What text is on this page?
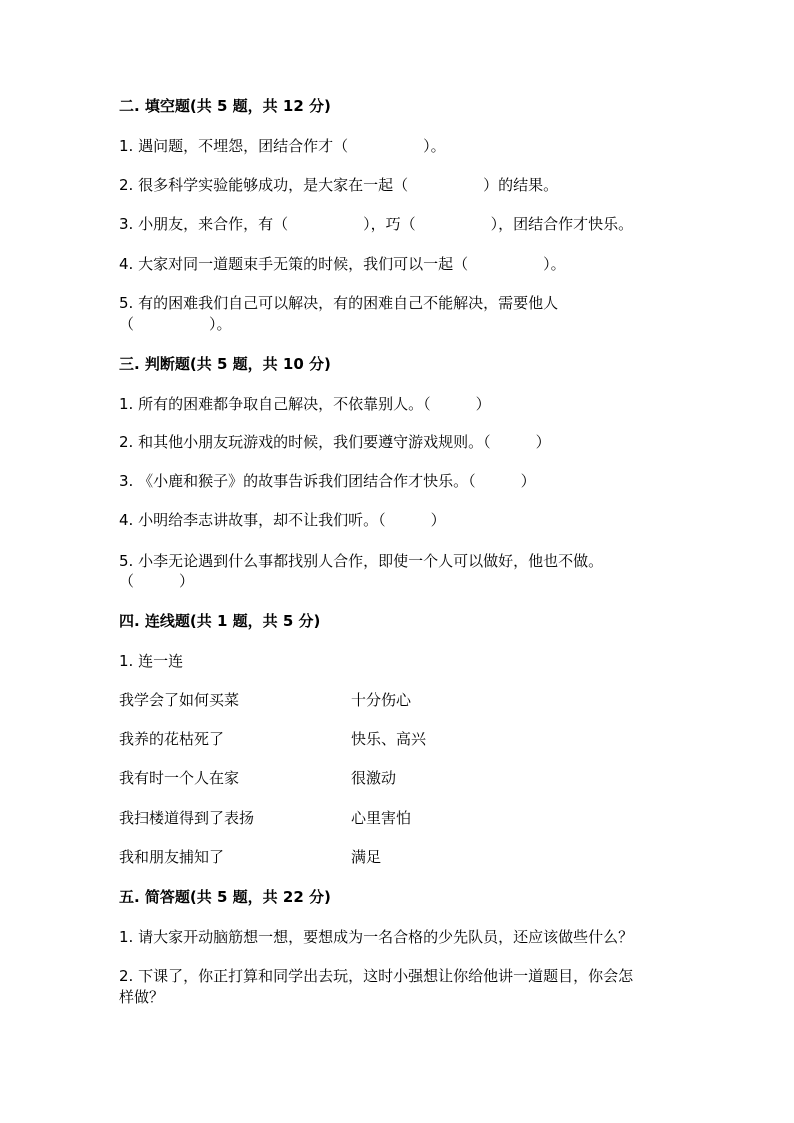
二. 填空题(共 5 题，共 12 分)
1. 遇问题，不埋怨，团结合作才（　　　　　）。
2. 很多科学实验能够成功，是大家在一起（　　　　　）的结果。
3. 小朋友，来合作，有（　　　　　），巧（　　　　　），团结合作才快乐。
4. 大家对同一道题束手无策的时候，我们可以一起（　　　　　）。
5. 有的困难我们自己可以解决，有的困难自己不能解决，需要他人
（　　　　　）。
三. 判断题(共 5 题，共 10 分)
1. 所有的困难都争取自己解决，不依靠别人。（　　　）
2. 和其他小朋友玩游戏的时候，我们要遵守游戏规则。（　　　）
3. 《小鹿和猴子》的故事告诉我们团结合作才快乐。（　　　）
4. 小明给李志讲故事，却不让我们听。（　　　）
5. 小李无论遇到什么事都找别人合作，即使一个人可以做好，他也不做。
（　　　）
四. 连线题(共 1 题，共 5 分)
1. 连一连
我学会了如何买菜	十分伤心
我养的花枯死了	快乐、高兴
我有时一个人在家	很激动
我扫楼道得到了表扬	心里害怕
我和朋友捕知了	满足
五. 简答题(共 5 题，共 22 分)
1. 请大家开动脑筋想一想，要想成为一名合格的少先队员，还应该做些什么？
2. 下课了，你正打算和同学出去玩，这时小强想让你给他讲一道题目，你会怎
样做？
